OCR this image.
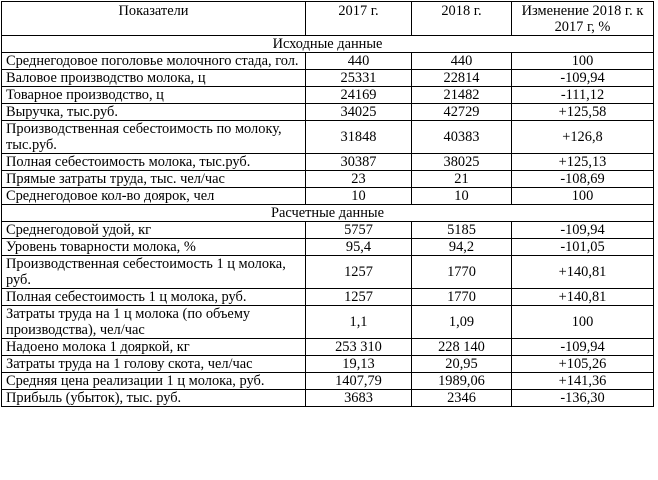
Показатели	2017 г.	2018 г.	Изменение 2018 г. к 2017 г, %
Исходные данные			
Среднегодовое поголовье молочного стада, гол.	440	440	100
Валовое производство молока, ц	25331	22814	-109,94
Товарное производство, ц	24169	21482	-111,12
Выручка, тыс.руб.	34025	42729	+125,58
Производственная себестоимость по молоку, тыс.руб.	31848	40383	+126,8
Полная себестоимость молока, тыс.руб.	30387	38025	+125,13
Прямые затраты труда, тыс. чел/час	23	21	-108,69
Среднегодовое кол-во доярок, чел	10	10	100
Расчетные данные			
Среднегодовой удой, кг	5757	5185	-109,94
Уровень товарности молока, %	95,4	94,2	-101,05
Производственная себестоимость 1 ц молока, руб.	1257	1770	+140,81
Полная себестоимость 1 ц молока, руб.	1257	1770	+140,81
Затраты труда на 1 ц молока (по объему производства), чел/час	1,1	1,09	100
Надоено молока 1 дояркой, кг	253 310	228 140	-109,94
Затраты труда на 1 голову скота, чел/час	19,13	20,95	+105,26
Средняя цена реализации 1 ц молока, руб.	1407,79	1989,06	+141,36
Прибыль (убыток), тыс. руб.	3683	2346	-136,30
